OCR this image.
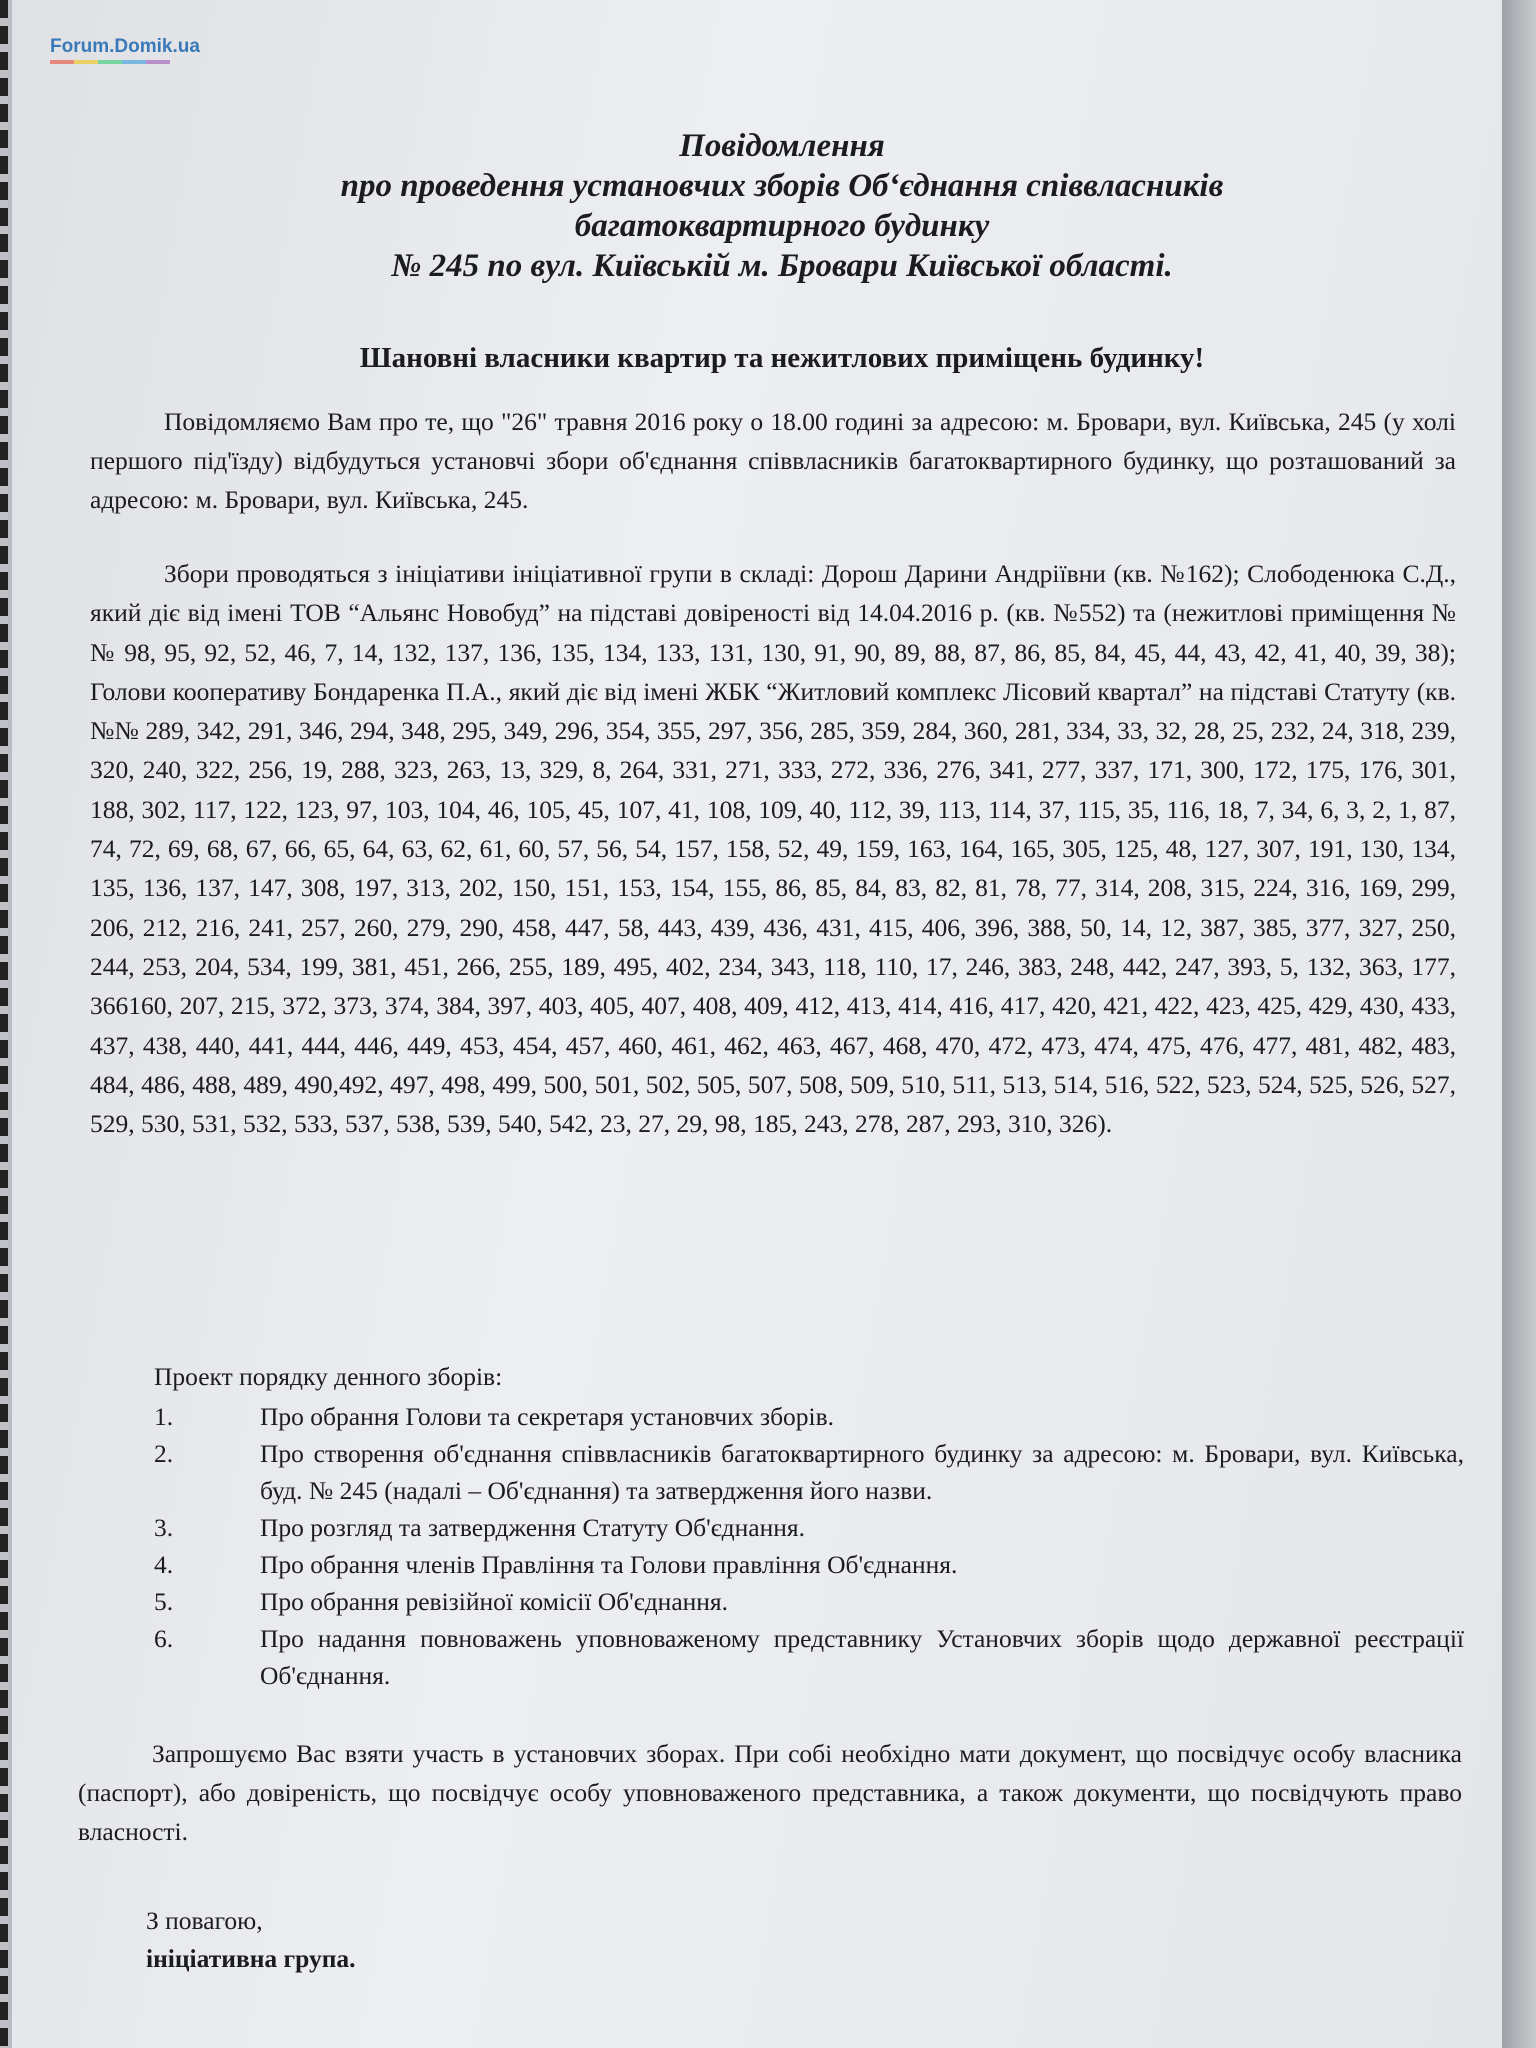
Forum.Domik.ua
Повідомлення
про проведення установчих зборів Об‘єднання співвласників
багатоквартирного будинку
№ 245 по вул. Київській м. Бровари Київської області.
Шановні власники квартир та нежитлових приміщень будинку!
Повідомляємо Вам про те, що "26" травня 2016 року о 18.00 годині за адресою: м. Бровари, вул. Київська, 245 (у холі першого під'їзду) відбудуться установчі збори об'єднання співвласників багатоквартирного будинку, що розташований за адресою: м. Бровари, вул. Київська, 245.
Збори проводяться з ініціативи ініціативної групи в складі: Дорош Дарини Андріївни (кв. №162); Слободенюка С.Д., який діє від імені ТОВ “Альянс Новобуд” на підставі довіреності від 14.04.2016 р. (кв. №552) та (нежитлові приміщення №№ 98, 95, 92, 52, 46, 7, 14, 132, 137, 136, 135, 134, 133, 131, 130, 91, 90, 89, 88, 87, 86, 85, 84, 45, 44, 43, 42, 41, 40, 39, 38); Голови кооперативу Бондаренка П.А., який діє від імені ЖБК “Житловий комплекс Лісовий квартал” на підставі Статуту (кв. №№ 289, 342, 291, 346, 294, 348, 295, 349, 296, 354, 355, 297, 356, 285, 359, 284, 360, 281, 334, 33, 32, 28, 25, 232, 24, 318, 239, 320, 240, 322, 256, 19, 288, 323, 263, 13, 329, 8, 264, 331, 271, 333, 272, 336, 276, 341, 277, 337, 171, 300, 172, 175, 176, 301, 188, 302, 117, 122, 123, 97, 103, 104, 46, 105, 45, 107, 41, 108, 109, 40, 112, 39, 113, 114, 37, 115, 35, 116, 18, 7, 34, 6, 3, 2, 1, 87, 74, 72, 69, 68, 67, 66, 65, 64, 63, 62, 61, 60, 57, 56, 54, 157, 158, 52, 49, 159, 163, 164, 165, 305, 125, 48, 127, 307, 191, 130, 134, 135, 136, 137, 147, 308, 197, 313, 202, 150, 151, 153, 154, 155, 86, 85, 84, 83, 82, 81, 78, 77, 314, 208, 315, 224, 316, 169, 299, 206, 212, 216, 241, 257, 260, 279, 290, 458, 447, 58, 443, 439, 436, 431, 415, 406, 396, 388, 50, 14, 12, 387, 385, 377, 327, 250, 244, 253, 204, 534, 199, 381, 451, 266, 255, 189, 495, 402, 234, 343, 118, 110, 17, 246, 383, 248, 442, 247, 393, 5, 132, 363, 177, 366160, 207, 215, 372, 373, 374, 384, 397, 403, 405, 407, 408, 409, 412, 413, 414, 416, 417, 420, 421, 422, 423, 425, 429, 430, 433, 437, 438, 440, 441, 444, 446, 449, 453, 454, 457, 460, 461, 462, 463, 467, 468, 470, 472, 473, 474, 475, 476, 477, 481, 482, 483, 484, 486, 488, 489, 490,492, 497, 498, 499, 500, 501, 502, 505, 507, 508, 509, 510, 511, 513, 514, 516, 522, 523, 524, 525, 526, 527, 529, 530, 531, 532, 533, 537, 538, 539, 540, 542, 23, 27, 29, 98, 185, 243, 278, 287, 293, 310, 326).
Проект порядку денного зборів:
1.	Про обрання Голови та секретаря установчих зборів.
2.	Про створення об'єднання співвласників багатоквартирного будинку за адресою: м. Бровари, вул. Київська, буд. № 245 (надалі – Об'єднання) та затвердження його назви.
3.	Про розгляд та затвердження Статуту Об'єднання.
4.	Про обрання членів Правління та Голови правління Об'єднання.
5.	Про обрання ревізійної комісії Об'єднання.
6.	Про надання повноважень уповноваженому представнику Установчих зборів щодо державної реєстрації Об'єднання.
Запрошуємо Вас взяти участь в установчих зборах. При собі необхідно мати документ, що посвідчує особу власника (паспорт), або довіреність, що посвідчує особу уповноваженого представника, а також документи, що посвідчують право власності.
З повагою,
ініціативна група.
